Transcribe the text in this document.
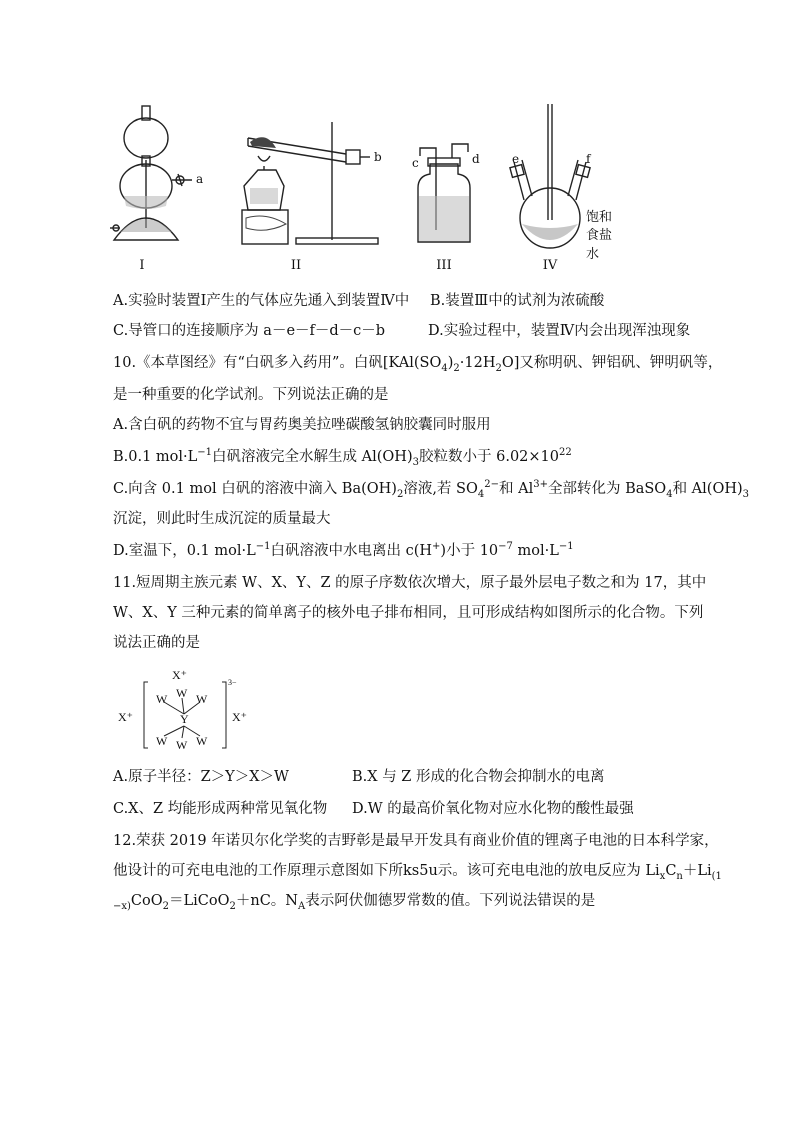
a
I
b
II
c	d
III
e	f
饱和
食盐水
IV
A.实验时装置Ⅰ产生的气体应先通入到装置Ⅳ中 B.装置Ⅲ中的试剂为浓硫酸
C.导管口的连接顺序为 a－e－f－d－c－b	D.实验过程中，装置Ⅳ内会出现浑浊现象
10.《本草图经》有“白矾多入药用”。白矾$[KAl(SO_4)_2\cdot 12H_2O]$又称明矾、钾铝矾、钾明矾等，
是一种重要的化学试剂。下列说法正确的是
A.含白矾的药物不宜与胃药奥美拉唑碳酸氢钠胶囊同时服用
B.0.1 $mol\cdot L^{-1}$白矾溶液完全水解生成 $Al(OH)_3$胶粒数小于 $6.02\times 10^{22}$
C.向含 0.1 mol 白矾的溶液中滴入 $Ba(OH)_2$溶液,若 $SO_4^{2-}$和 $Al^{3+}$全部转化为 BaSO$_4$和 $Al(OH)_3$
沉淀，则此时生成沉淀的质量最大
D.室温下，0.1 $mol\cdot L^{-1}$白矾溶液中水电离出 c(H+)小于 $10^{-7}$ $mol\cdot L^{-1}$
11.短周期主族元素 W、X、Y、Z 的原子序数依次增大，原子最外层电子数之和为 17，其中
W、X、Y 三种元素的简单离子的核外电子排布相同，且可形成结构如图所示的化合物。下列
说法正确的是
X⁺
X⁺	X⁺
3−
W W W
Y
W W W
A.原子半径：Z＞Y＞X＞W	B.X 与 Z 形成的化合物会抑制水的电离
C.X、Z 均能形成两种常见氧化物 D.W 的最高价氧化物对应水化物的酸性最强
12.荣获 2019 年诺贝尔化学奖的吉野彰是最早开发具有商业价值的锂离子电池的日本科学家，
他设计的可充电电池的工作原理示意图如下所ks5u示。该可充电电池的放电反应为 $Li_xC_n+Li_{(1}$
$_{-x)}$CoO$_2$＝LiCoO$_2$＋nC。$N_A$表示阿伏伽德罗常数的值。下列说法错误的是
